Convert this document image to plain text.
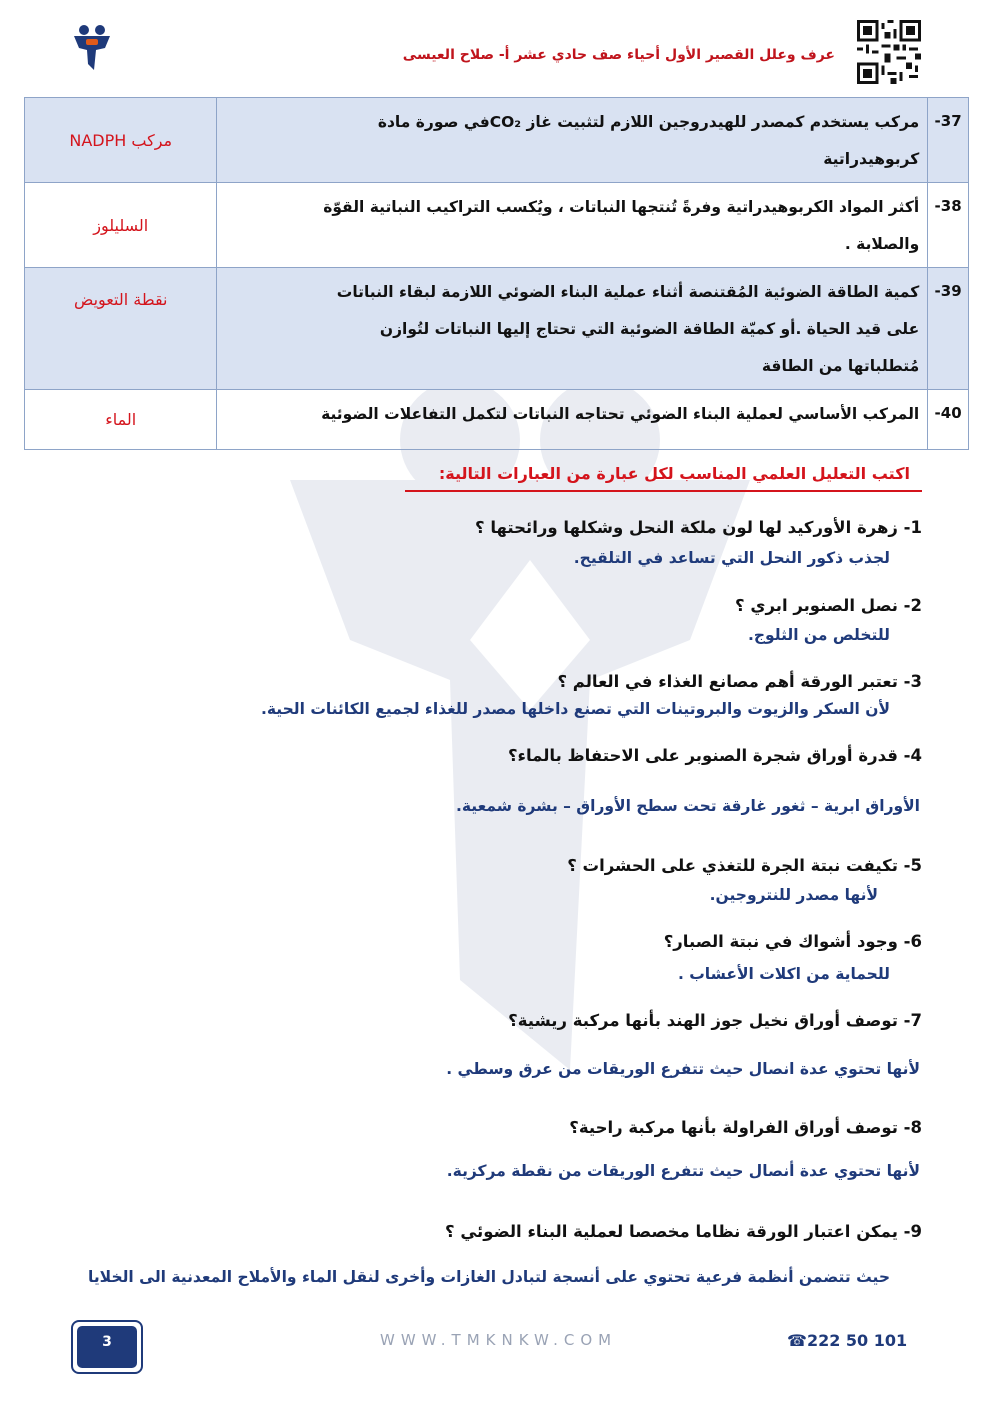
عرف وعلل القصير الأول أحياء صف حادي عشر أ- صلاح العيسى
37-	مركب يستخدم كمصدر للهيدروجين اللازم لتثبيت غاز CO₂في صورة مادة
كربوهيدراتية	مركب NADPH
38-	أكثر المواد الكربوهيدراتية وفرةً تُنتجها النباتات ، ويُكسب التراكيب النباتية القوّة
والصلابة .	السليلوز
39-	كمية الطاقة الضوئية المُقتنصة أثناء عملية البناء الضوئي اللازمة لبقاء النباتات
على قيد الحياة .أو كميّة الطاقة الضوئية التي تحتاج إليها النباتات لتُوازن
مُتطلباتها من الطاقة	نقطة التعويض
40-	المركب الأساسي لعملية البناء الضوئي تحتاجه النباتات لتكمل التفاعلات الضوئية	الماء
اكتب التعليل العلمي المناسب لكل عبارة من العبارات التالية:
1- زهرة الأوركيد لها لون ملكة النحل وشكلها ورائحتها ؟
لجذب ذكور النحل التي تساعد في التلقيح.
2- نصل الصنوبر ابري ؟
للتخلص من الثلوج.
3- تعتبر الورقة أهم مصانع الغذاء في العالم ؟
لأن السكر والزيوت والبروتينات التي تصنع داخلها مصدر للغذاء لجميع الكائنات الحية.
4- قدرة أوراق شجرة الصنوبر على الاحتفاظ بالماء؟
الأوراق ابرية – ثغور غارقة تحت سطح الأوراق – بشرة شمعية.
5- تكيفت نبتة الجرة للتغذي على الحشرات ؟
لأنها مصدر للنتروجين.
6- وجود أشواك في نبتة الصبار؟
للحماية من اكلات الأعشاب .
7- توصف أوراق نخيل جوز الهند بأنها مركبة ريشية؟
لأنها تحتوي عدة انصال حيث تتفرع الوريقات من عرق وسطي .
8- توصف أوراق الفراولة بأنها مركبة راحية؟
لأنها تحتوي عدة أنصال حيث تتفرع الوريقات من نقطة مركزية.
9- يمكن اعتبار الورقة نظاما مخصصا لعملية البناء الضوئي ؟
حيث تتضمن أنظمة فرعية تحتوي على أنسجة لتبادل الغازات وأخرى لنقل الماء والأملاح المعدنية الى الخلايا
3	WWW.TMKNKW.COM	☎222 50 101
